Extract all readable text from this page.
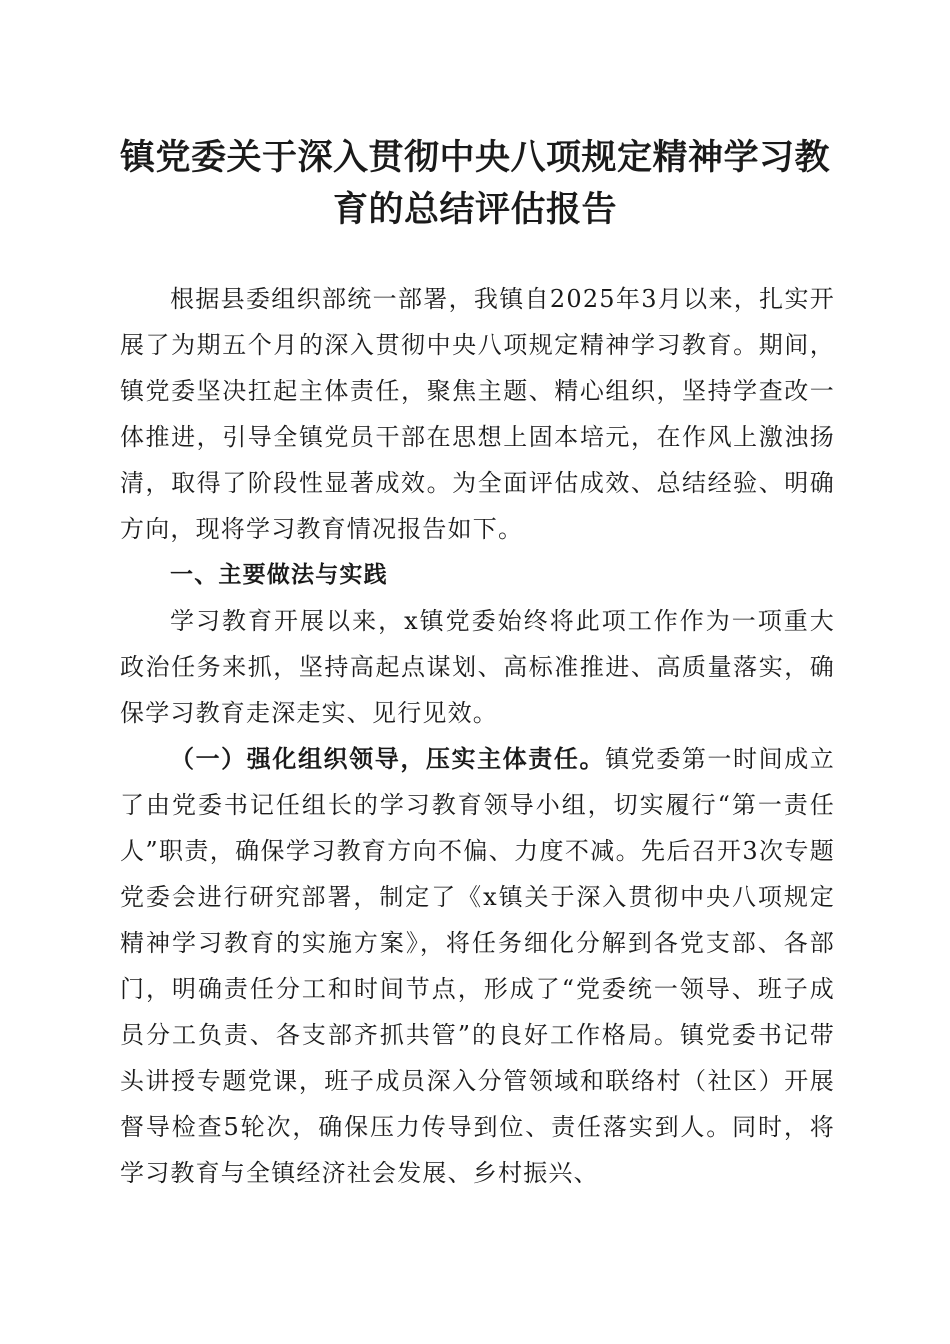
镇党委关于深入贯彻中央八项规定精神学习教
育的总结评估报告

根据县委组织部统一部署，我镇自2025年3月以来，扎实开展了为期五个月的深入贯彻中央八项规定精神学习教育。期间，镇党委坚决扛起主体责任，聚焦主题、精心组织，坚持学查改一体推进，引导全镇党员干部在思想上固本培元，在作风上激浊扬清，取得了阶段性显著成效。为全面评估成效、总结经验、明确方向，现将学习教育情况报告如下。

一、主要做法与实践

学习教育开展以来，x镇党委始终将此项工作作为一项重大政治任务来抓，坚持高起点谋划、高标准推进、高质量落实，确保学习教育走深走实、见行见效。

（一）强化组织领导，压实主体责任。镇党委第一时间成立了由党委书记任组长的学习教育领导小组，切实履行“第一责任人”职责，确保学习教育方向不偏、力度不减。先后召开3次专题党委会进行研究部署，制定了《x镇关于深入贯彻中央八项规定精神学习教育的实施方案》，将任务细化分解到各党支部、各部门，明确责任分工和时间节点，形成了“党委统一领导、班子成员分工负责、各支部齐抓共管”的良好工作格局。镇党委书记带头讲授专题党课，班子成员深入分管领域和联络村（社区）开展督导检查5轮次，确保压力传导到位、责任落实到人。同时，将学习教育与全镇经济社会发展、乡村振兴、
